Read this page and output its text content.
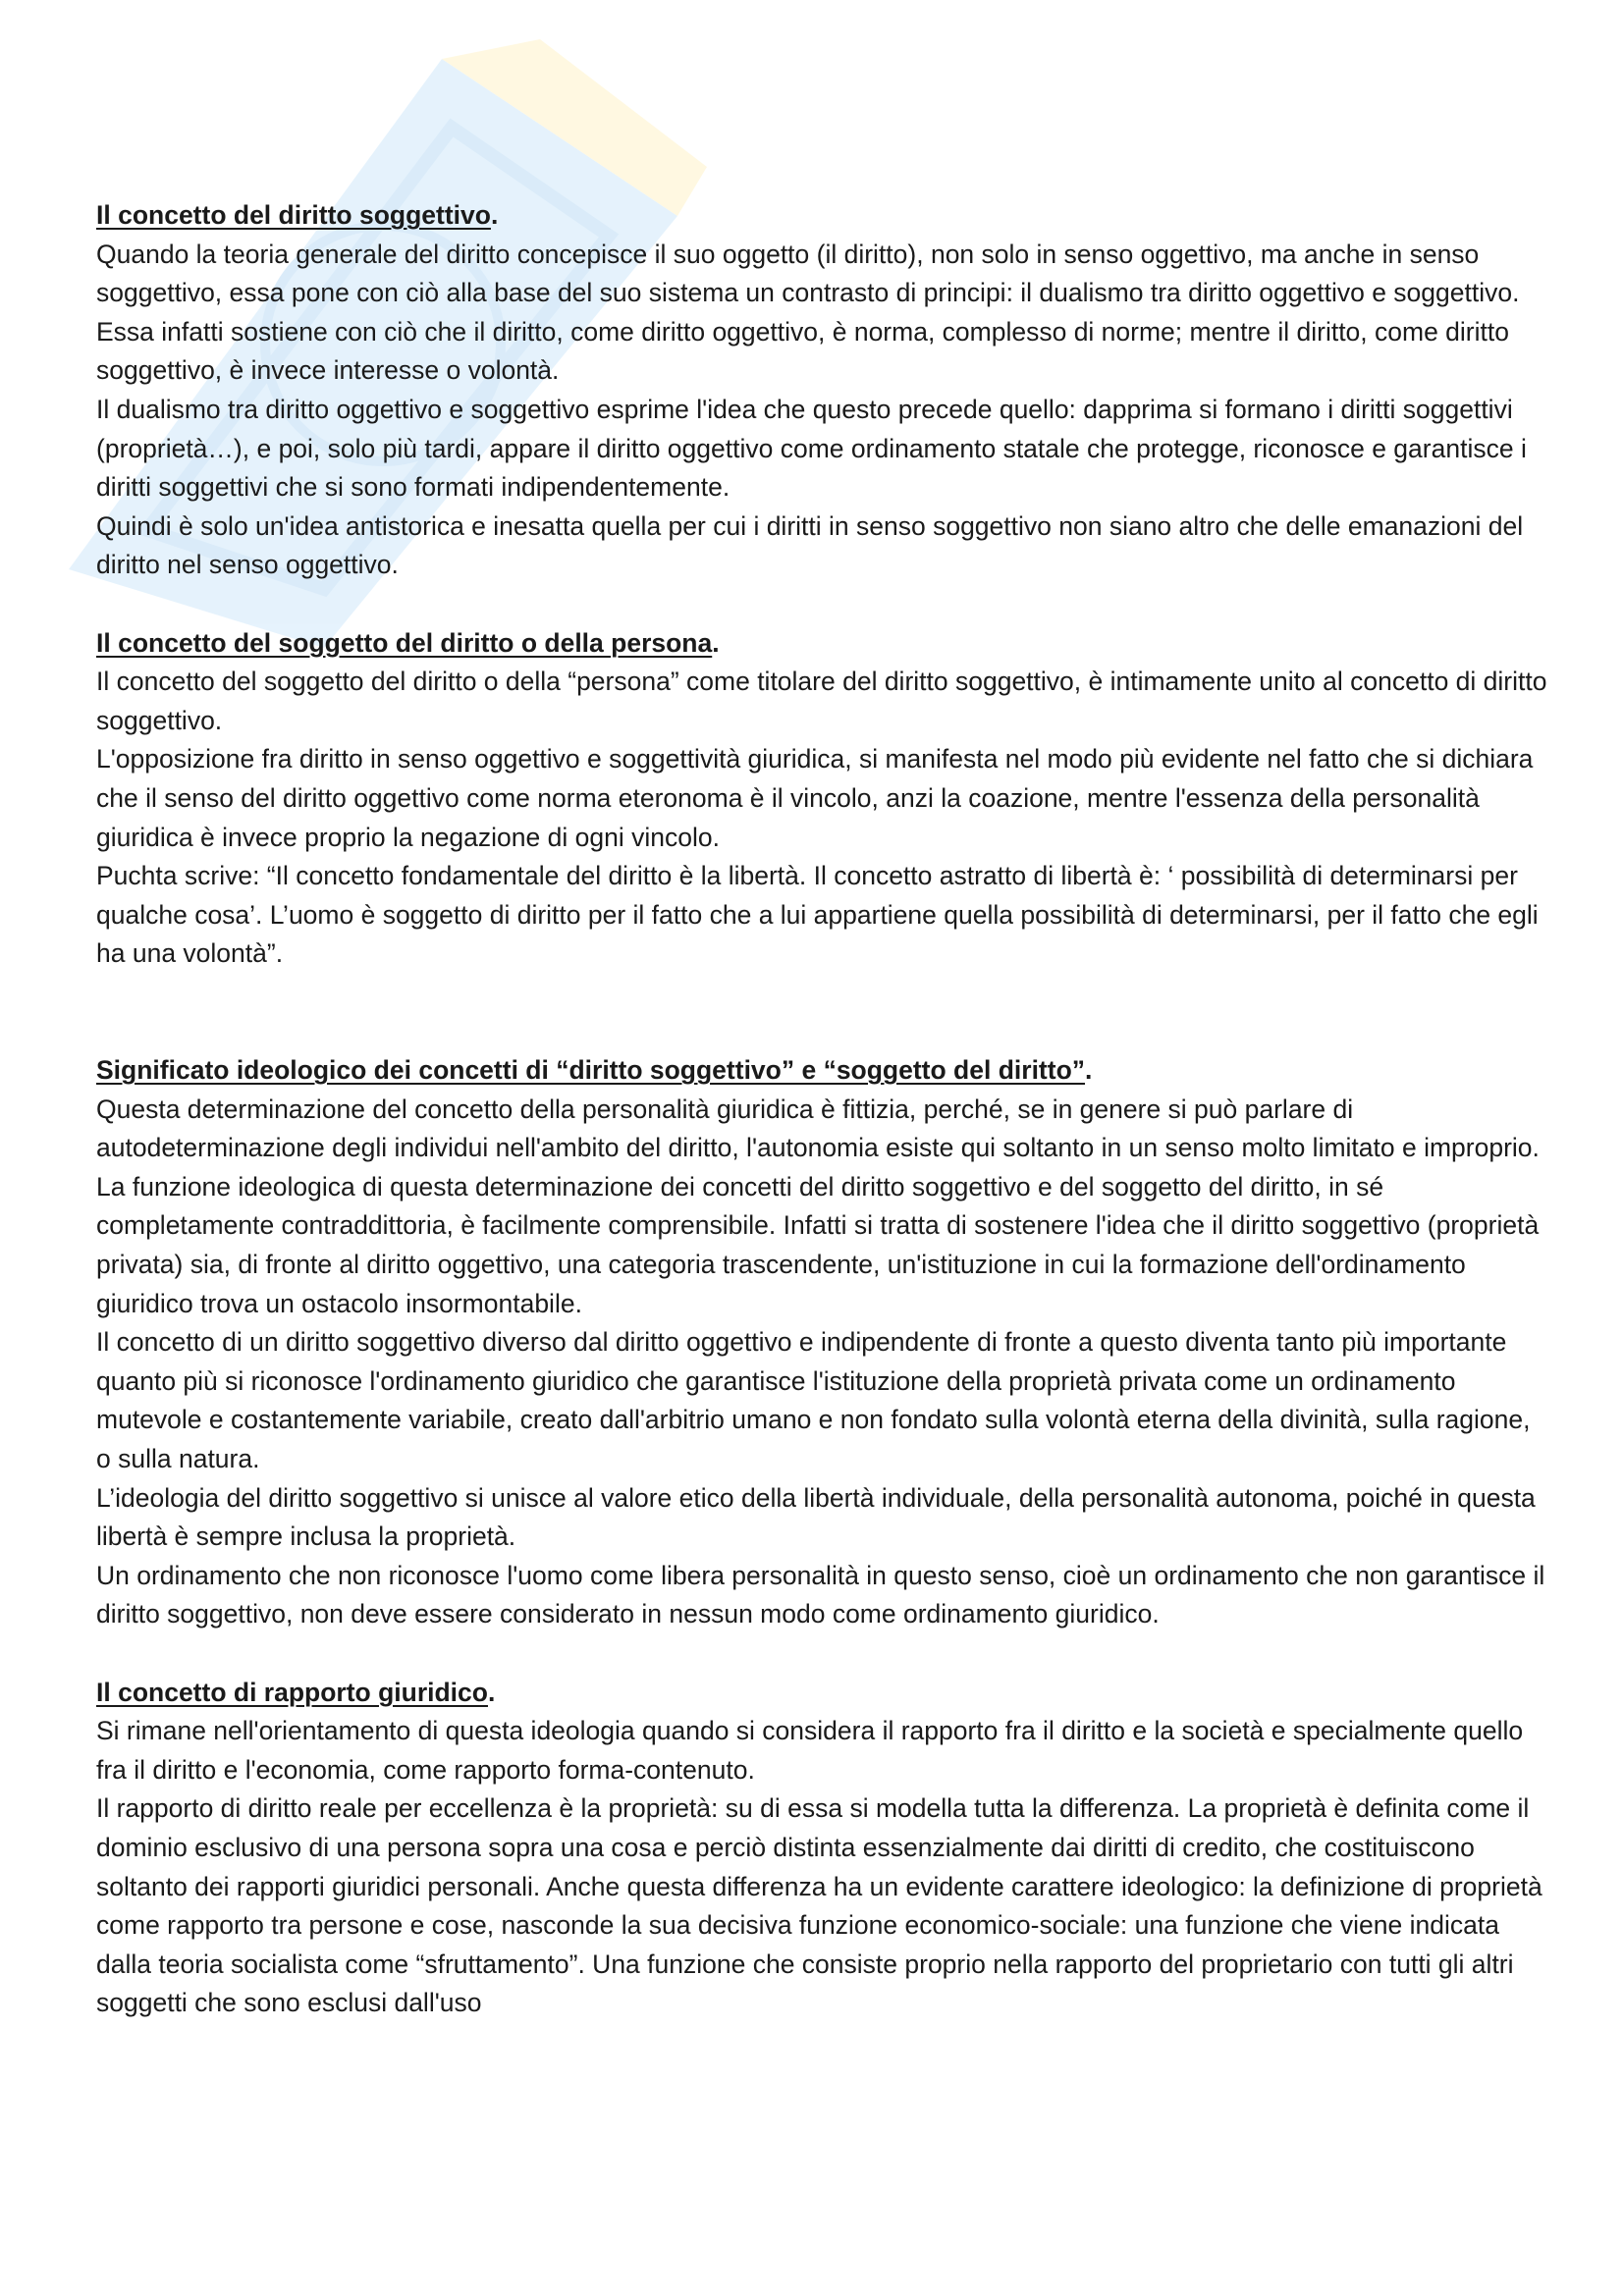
Il concetto del diritto soggettivo.

Quando la teoria generale del diritto concepisce il suo oggetto (il diritto), non solo in senso oggettivo, ma anche in senso soggettivo, essa pone con ciò alla base del suo sistema un contrasto di principi: il dualismo tra diritto oggettivo e soggettivo.

Essa infatti sostiene con ciò che il diritto, come diritto oggettivo, è norma, complesso di norme; mentre il diritto, come diritto soggettivo, è invece interesse o volontà.

Il dualismo tra diritto oggettivo e soggettivo esprime l'idea che questo precede quello: dapprima si formano i diritti soggettivi (proprietà…), e poi, solo più tardi, appare il diritto oggettivo come ordinamento statale che protegge, riconosce e garantisce i diritti soggettivi che si sono formati indipendentemente.

Quindi è solo un'idea antistorica e inesatta quella per cui i diritti in senso soggettivo non siano altro che delle emanazioni del diritto nel senso oggettivo.

Il concetto del soggetto del diritto o della persona.

Il concetto del soggetto del diritto o della “persona” come titolare del diritto soggettivo, è intimamente unito al concetto di diritto soggettivo.

L'opposizione fra diritto in senso oggettivo e soggettività giuridica, si manifesta nel modo più evidente nel fatto che si dichiara che il senso del diritto oggettivo come norma eteronoma è il vincolo, anzi la coazione, mentre l'essenza della personalità giuridica è invece proprio la negazione di ogni vincolo.

Puchta scrive: “Il concetto fondamentale del diritto è la libertà. Il concetto astratto di libertà è: ‘ possibilità di determinarsi per qualche cosa’. L’uomo è soggetto di diritto per il fatto che a lui appartiene quella possibilità di determinarsi, per il fatto che egli ha una volontà”.

Significato ideologico dei concetti di “diritto soggettivo” e “soggetto del diritto”.

Questa determinazione del concetto della personalità giuridica è fittizia, perché, se in genere si può parlare di autodeterminazione degli individui nell'ambito del diritto, l'autonomia esiste qui soltanto in un senso molto limitato e improprio.

La funzione ideologica di questa determinazione dei concetti del diritto soggettivo e del soggetto del diritto, in sé completamente contraddittoria, è facilmente comprensibile. Infatti si tratta di sostenere l'idea che il diritto soggettivo (proprietà privata) sia, di fronte al diritto oggettivo, una categoria trascendente, un'istituzione in cui la formazione dell'ordinamento giuridico trova un ostacolo insormontabile.

Il concetto di un diritto soggettivo diverso dal diritto oggettivo e indipendente di fronte a questo diventa tanto più importante quanto più si riconosce l'ordinamento giuridico che garantisce l'istituzione della proprietà privata come un ordinamento mutevole e costantemente variabile, creato dall'arbitrio umano e non fondato sulla volontà eterna della divinità, sulla ragione, o sulla natura.

L’ideologia del diritto soggettivo si unisce al valore etico della libertà individuale, della personalità autonoma, poiché in questa libertà è sempre inclusa la proprietà.

Un ordinamento che non riconosce l'uomo come libera personalità in questo senso, cioè un ordinamento che non garantisce il diritto soggettivo, non deve essere considerato in nessun modo come ordinamento giuridico.

Il concetto di rapporto giuridico.

Si rimane nell'orientamento di questa ideologia quando si considera il rapporto fra il diritto e la società e specialmente quello fra il diritto e l'economia, come rapporto forma-contenuto.

Il rapporto di diritto reale per eccellenza è la proprietà: su di essa si modella tutta la differenza. La proprietà è definita come il dominio esclusivo di una persona sopra una cosa e perciò distinta essenzialmente dai diritti di credito, che costituiscono soltanto dei rapporti giuridici personali. Anche questa differenza ha un evidente carattere ideologico: la definizione di proprietà come rapporto tra persone e cose, nasconde la sua decisiva funzione economico-sociale: una funzione che viene indicata dalla teoria socialista come “sfruttamento”. Una funzione che consiste proprio nella rapporto del proprietario con tutti gli altri soggetti che sono esclusi dall'uso
